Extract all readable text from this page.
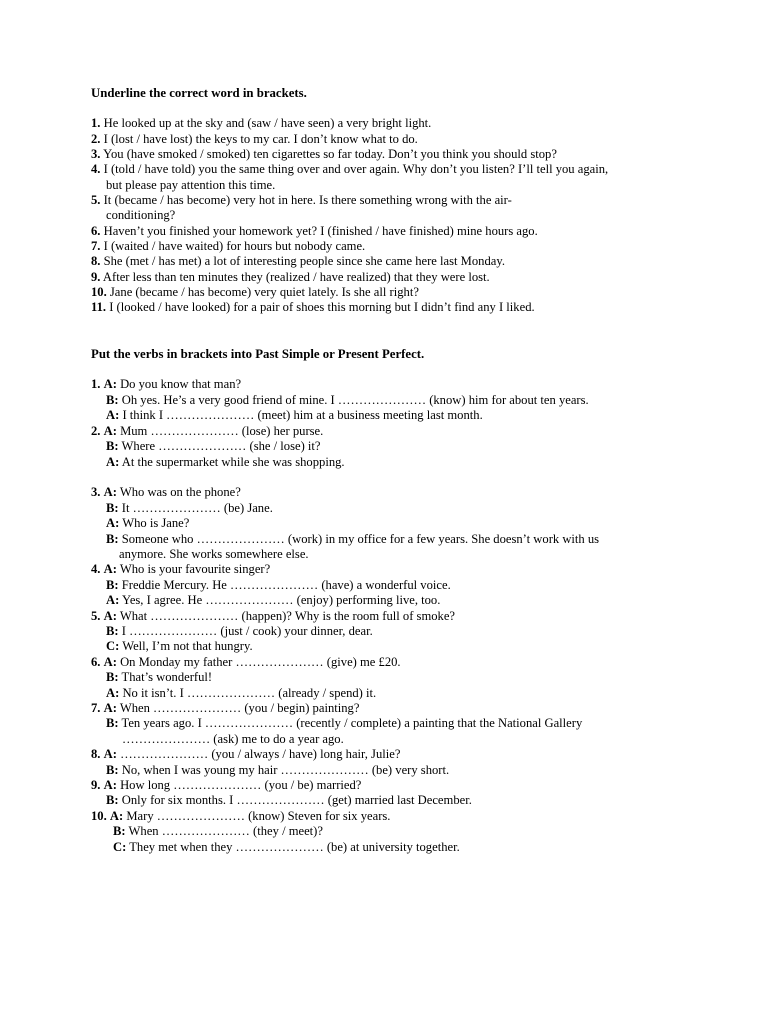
Underline the correct word in brackets.
1. He looked up at the sky and (saw / have seen) a very bright light.
2. I (lost / have lost) the keys to my car. I don’t know what to do.
3. You (have smoked / smoked) ten cigarettes so far today. Don’t you think you should stop?
4. I (told / have told) you the same thing over and over again. Why don’t you listen? I’ll tell you again,
but please pay attention this time.
5. It (became / has become) very hot in here. Is there something wrong with the air-
conditioning?
6. Haven’t you finished your homework yet? I (finished / have finished) mine hours ago.
7. I (waited / have waited) for hours but nobody came.
8. She (met / has met) a lot of interesting people since she came here last Monday.
9. After less than ten minutes they (realized / have realized) that they were lost.
10. Jane (became / has become) very quiet lately. Is she all right?
11. I (looked / have looked) for a pair of shoes this morning but I didn’t find any I liked.
Put the verbs in brackets into Past Simple or Present Perfect.
1. A: Do you know that man?
B: Oh yes. He’s a very good friend of mine. I ………………… (know) him for about ten years.
A: I think I ………………… (meet) him at a business meeting last month.
2. A: Mum ………………… (lose) her purse.
B: Where ………………… (she / lose) it?
A: At the supermarket while she was shopping.
3. A: Who was on the phone?
B: It ………………… (be) Jane.
A: Who is Jane?
B: Someone who ………………… (work) in my office for a few years. She doesn’t work with us
anymore. She works somewhere else.
4. A: Who is your favourite singer?
B: Freddie Mercury. He ………………… (have) a wonderful voice.
A: Yes, I agree. He ………………… (enjoy) performing live, too.
5. A: What ………………… (happen)? Why is the room full of smoke?
B: I ………………… (just / cook) your dinner, dear.
C: Well, I’m not that hungry.
6. A: On Monday my father ………………… (give) me £20.
B: That’s wonderful!
A: No it isn’t. I ………………… (already / spend) it.
7. A: When ………………… (you / begin) painting?
B: Ten years ago. I ………………… (recently / complete) a painting that the National Gallery
………………… (ask) me to do a year ago.
8. A: ………………… (you / always / have) long hair, Julie?
B: No, when I was young my hair ………………… (be) very short.
9. A: How long ………………… (you / be) married?
B: Only for six months. I ………………… (get) married last December.
10. A: Mary ………………… (know) Steven for six years.
B: When ………………… (they / meet)?
C: They met when they ………………… (be) at university together.
